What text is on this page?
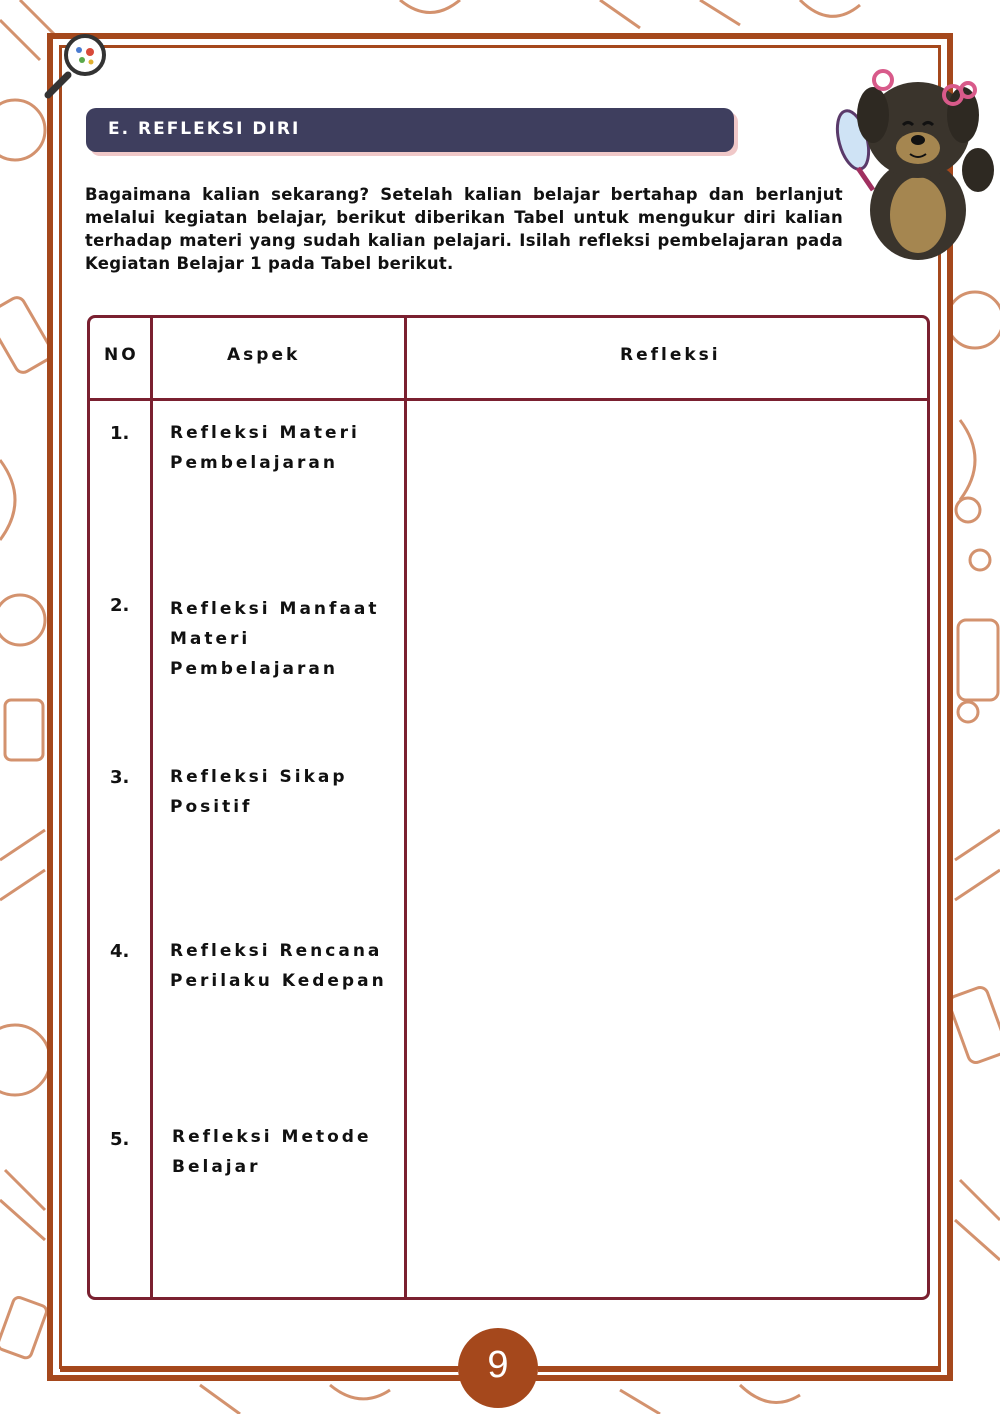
E. REFLEKSI DIRI
Bagaimana kalian sekarang? Setelah kalian belajar bertahap dan berlanjut melalui kegiatan belajar, berikut diberikan Tabel untuk mengukur diri kalian terhadap materi yang sudah kalian pelajari. Isilah refleksi pembelajaran pada Kegiatan Belajar 1 pada Tabel berikut.
NO	Aspek	Refleksi
1. Refleksi Materi Pembelajaran
2. Refleksi Manfaat Materi Pembelajaran
3. Refleksi Sikap Positif
4. Refleksi Rencana Perilaku Kedepan
5.	Refleksi Metode Belajar
9
